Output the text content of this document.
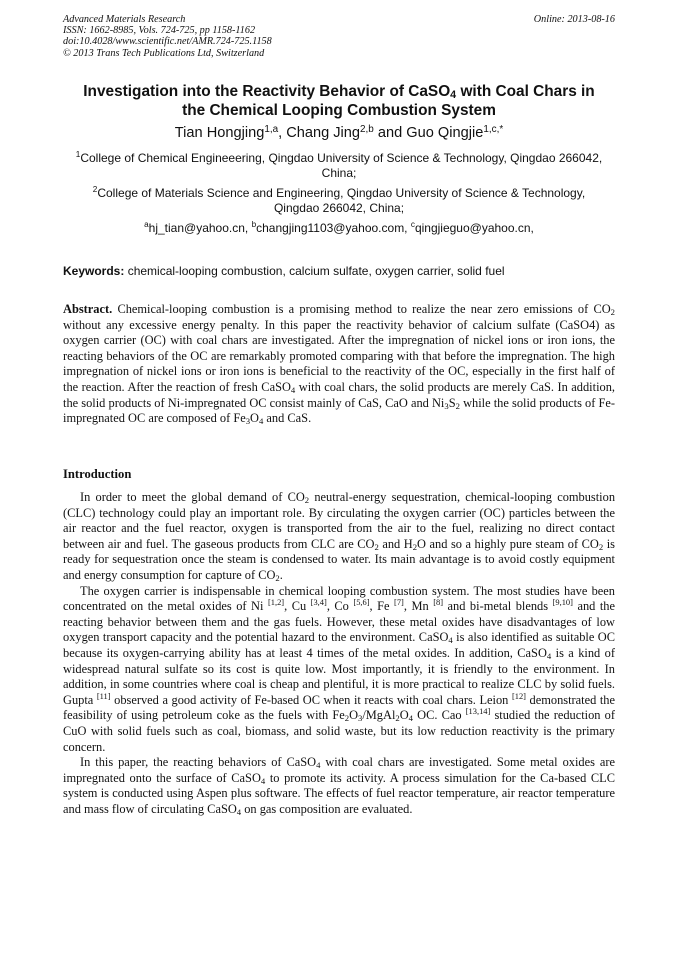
Advanced Materials Research	Online: 2013-08-16
ISSN: 1662-8985, Vols. 724-725, pp 1158-1162
doi:10.4028/www.scientific.net/AMR.724-725.1158
© 2013 Trans Tech Publications Ltd, Switzerland
Investigation into the Reactivity Behavior of CaSO$_4$ with Coal Chars in
the Chemical Looping Combustion System
Tian Hongjing$^{1,a}$, Chang Jing$^{2,b}$ and Guo Qingjie$^{1,c,*}$
$^1$College of Chemical Engineeering, Qingdao University of Science & Technology, Qingdao 266042,
China;
$^2$College of Materials Science and Engineering, Qingdao University of Science & Technology,
Qingdao 266042, China;
$^a$hj_tian@yahoo.cn, $^b$changjing1103@yahoo.com, $^c$qingjieguo@yahoo.cn,
Keywords: chemical-looping combustion, calcium sulfate, oxygen carrier, solid fuel
Abstract. Chemical-looping combustion is a promising method to realize the near zero emissions of $CO_2$ without any excessive energy penalty. In this paper the reactivity behavior of calcium sulfate (CaSO4) as oxygen carrier (OC) with coal chars are investigated. After the impregnation of nickel ions or iron ions, the reacting behaviors of the OC are remarkably promoted comparing with that before the impregnation. The high impregnation of nickel ions or iron ions is beneficial to the reactivity of the OC, especially in the first half of the reaction. After the reaction of fresh CaSO$_4$ with coal chars, the solid products are merely CaS. In addition, the solid products of Ni-impregnated OC consist mainly of CaS, CaO and $Ni_3S_2$ while the solid products of Fe-impregnated OC are composed of $Fe_3O_4$ and CaS.
Introduction

In order to meet the global demand of $CO_2$ neutral-energy sequestration, chemical-looping combustion (CLC) technology could play an important role. By circulating the oxygen carrier (OC) particles between the air reactor and the fuel reactor, oxygen is transported from the air to the fuel, realizing no direct contact between air and fuel. The gaseous products from CLC are $CO_2$ and $H_2O$ and so a highly pure steam of $CO_2$ is ready for sequestration once the steam is condensed to water. Its main advantage is to avoid costly equipment and energy consumption for capture of $CO_2$.

The oxygen carrier is indispensable in chemical looping combustion system. The most studies have been concentrated on the metal oxides of Ni [1,2], Cu [3,4], Co [5,6], Fe [7], Mn [8] and bi-metal blends [9,10] and the reacting behavior between them and the gas fuels. However, these metal oxides have disadvantages of low oxygen transport capacity and the potential hazard to the environment. CaSO$_4$ is also identified as suitable OC because its oxygen-carrying ability has at least 4 times of the metal oxides. In addition, CaSO$_4$ is a kind of widespread natural sulfate so its cost is quite low. Most importantly, it is friendly to the environment. In addition, in some countries where coal is cheap and plentiful, it is more practical to realize CLC by solid fuels. Gupta [11] observed a good activity of Fe-based OC when it reacts with coal chars. Leion [12] demonstrated the feasibility of using petroleum coke as the fuels with $Fe_2O_3/MgAl_2O_4$ OC. Cao [13,14] studied the reduction of CuO with solid fuels such as coal, biomass, and solid waste, but its low reduction reactivity is the primary concern.

In this paper, the reacting behaviors of CaSO$_4$ with coal chars are investigated. Some metal oxides are impregnated onto the surface of CaSO$_4$ to promote its activity. A process simulation for the Ca-based CLC system is conducted using Aspen plus software. The effects of fuel reactor temperature, air reactor temperature and mass flow of circulating CaSO$_4$ on gas composition are evaluated.
